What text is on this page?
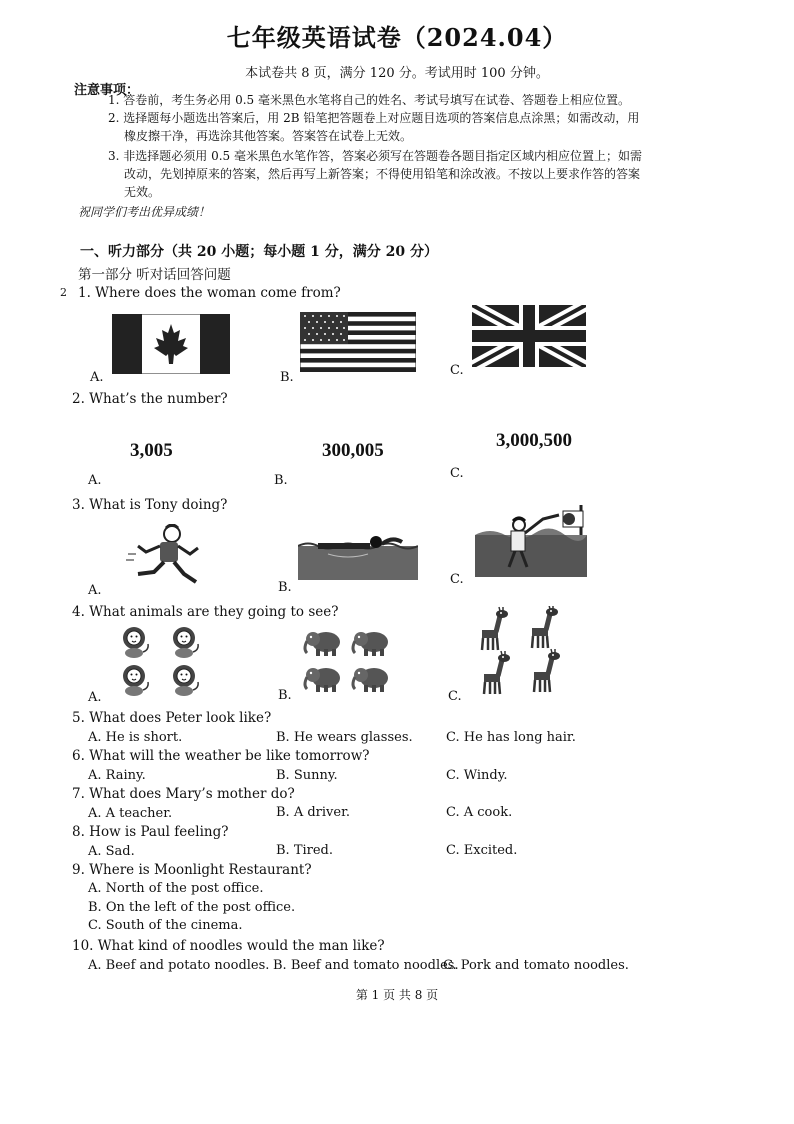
七年级英语试卷（2024.04）
本试卷共 8 页，满分 120 分。考试用时 100 分钟。
注意事项：
1. 答卷前，考生务必用 0.5 毫米黑色水笔将自己的姓名、考试号填写在试卷、答题卷上相应位置。
2. 选择题每小题选出答案后，用 2B 铅笔把答题卷上对应题目选项的答案信息点涂黑；如需改动，用
橡皮擦干净，再选涂其他答案。答案答在试卷上无效。
3. 非选择题必须用 0.5 毫米黑色水笔作答，答案必须写在答题卷各题目指定区域内相应位置上；如需
改动，先划掉原来的答案，然后再写上新答案；不得使用铅笔和涂改液。不按以上要求作答的答案
无效。
祝同学们考出优异成绩！
一、听力部分（共 20 小题；每小题 1 分，满分 20 分）
第一部分 听对话回答问题
2 1. Where does the woman come from?
A.	B.	C.
2. What’s the number?
3,005
A.
300,005
B.
3,000,500
C.
3. What is Tony doing?
A.	B.
C.
4. What animals are they going to see?
A.	B.	C.
5. What does Peter look like?
A. He is short.	B. He wears glasses.	C. He has long hair.
6. What will the weather be like tomorrow?
A. Rainy.	B. Sunny.	C. Windy.
7. What does Mary’s mother do?
A. A teacher.	B. A driver.	C. A cook.
8. How is Paul feeling?
A. Sad.	B. Tired.	C. Excited.
9. Where is Moonlight Restaurant?
A. North of the post office.
B. On the left of the post office.
C. South of the cinema.
10. What kind of noodles would the man like?
A. Beef and potato noodles. B. Beef and tomato noodles.
C. Pork and tomato noodles.
第 1 页 共 8 页
